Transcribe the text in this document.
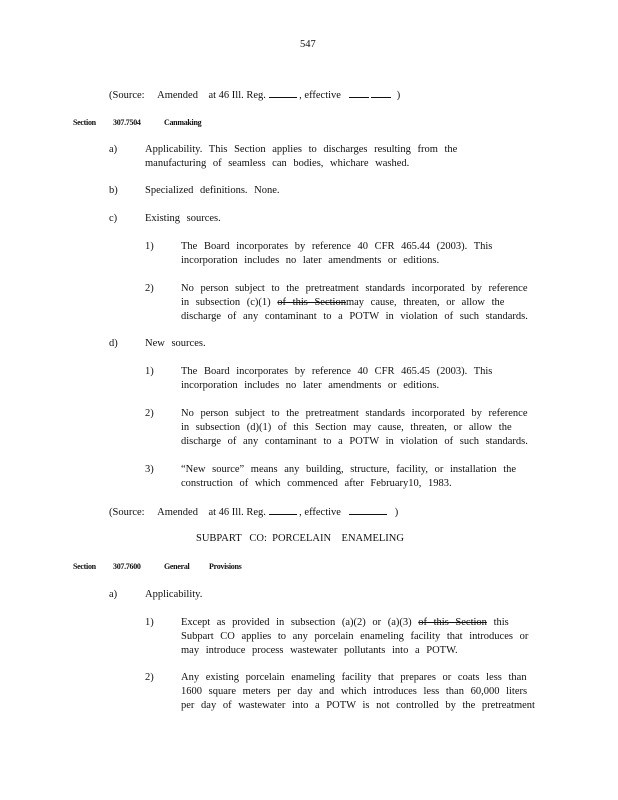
547
(Source: Amended at 46 Ill. Reg.	, effective	)
Section 307.7504	Canmaking
a)	Applicability. This Section applies to discharges resulting from the
manufacturing of seamless can bodies, whichare washed.
b)	Specialized definitions. None.
c)	Existing sources.
1)	The Board incorporates by reference 40 CFR 465.44 (2003). This
incorporation includes no later amendments or editions.
2)	No person subject to the pretreatment standards incorporated by reference
in subsection (c)(1) of this Sectionmay cause, threaten, or allow the
discharge of any contaminant to a POTW in violation of such standards.
d)	New sources.
1)	The Board incorporates by reference 40 CFR 465.45 (2003). This
incorporation includes no later amendments or editions.
2)	No person subject to the pretreatment standards incorporated by reference
in subsection (d)(1) of this Section may cause, threaten, or allow the
discharge of any contaminant to a POTW in violation of such standards.
3)	“New source” means any building, structure, facility, or installation the
construction of which commenced after February10, 1983.
(Source: Amended at 46 Ill. Reg.	, effective	)
SUBPART   CO:  PORCELAIN    ENAMELING
Section 307.7600	General Provisions
a)	Applicability.
1)	Except as provided in subsection (a)(2) or (a)(3) of this Section this
Subpart CO applies to any porcelain enameling facility that introduces or
may introduce process wastewater pollutants into a POTW.
2)	Any existing porcelain enameling facility that prepares or coats less than
1600 square meters per day and which introduces less than 60,000 liters
per day of wastewater into a POTW is not controlled by the pretreatment
